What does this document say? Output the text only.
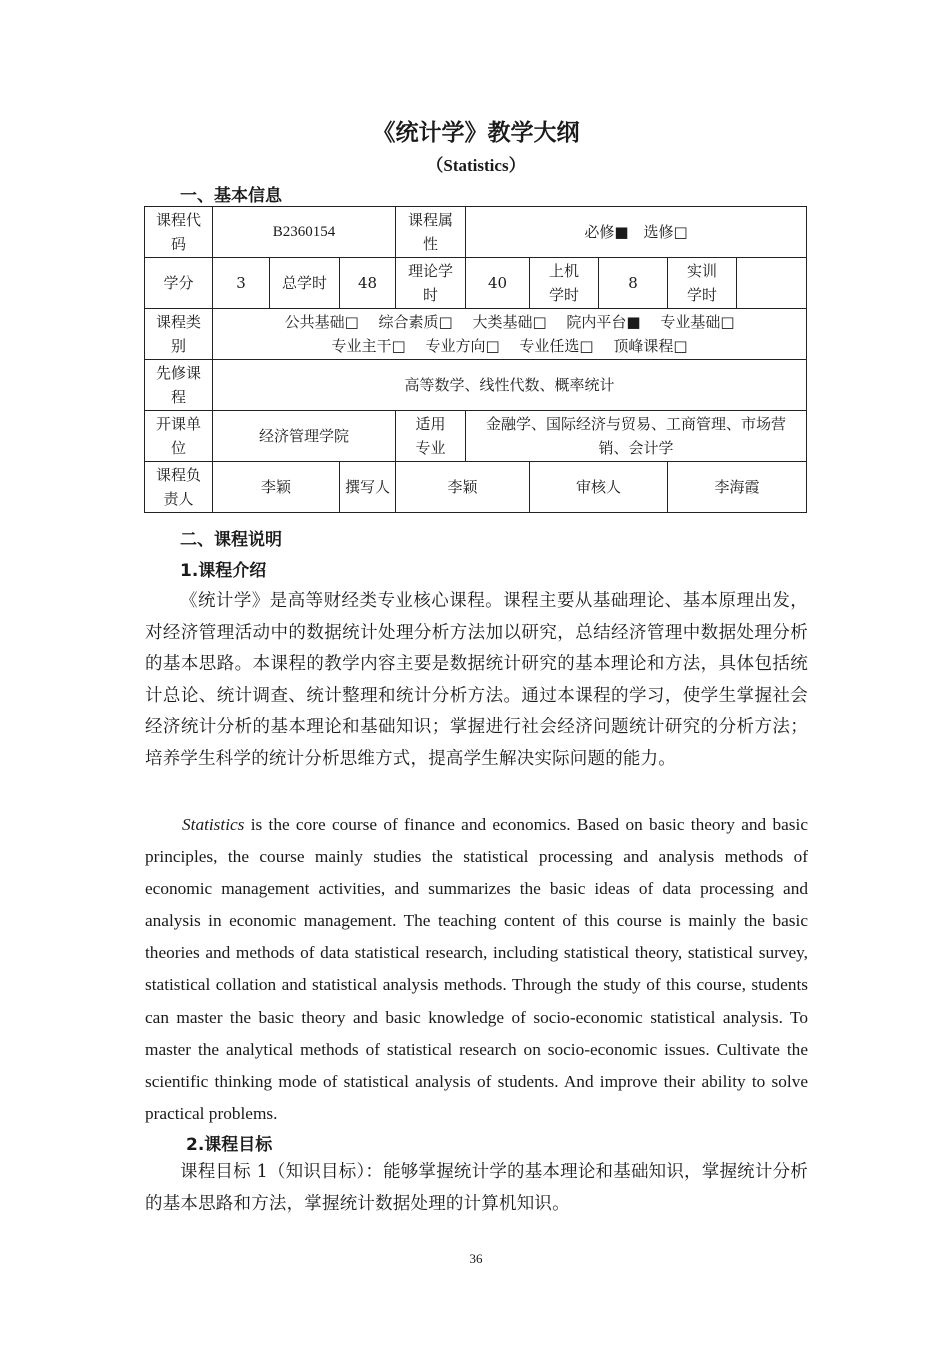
《统计学》教学大纲
（Statistics）
一、基本信息
课程代码	B2360154			课程属性	必修■　选修□				
学分	3	总学时	48	理论学时	40	上机学时	8	实训学时	
课程类别	公共基础□　 综合素质□　 大类基础□　 院内平台■　 专业基础□
专业主干□　 专业方向□　 专业任选□　 顶峰课程□								

先修课程	高等数学、线性代数、概率统计								
开课单位	经济管理学院			适用专业	金融学、国际经济与贸易、工商管理、市场营销、会计学				
课程负责人	李颖		撰写人	李颖		审核人		李海霞	
二、课程说明
1.课程介绍

《统计学》是高等财经类专业核心课程。课程主要从基础理论、基本原理出发，对经济管理活动中的数据统计处理分析方法加以研究，总结经济管理中数据处理分析的基本思路。本课程的教学内容主要是数据统计研究的基本理论和方法，具体包括统计总论、统计调查、统计整理和统计分析方法。通过本课程的学习，使学生掌握社会经济统计分析的基本理论和基础知识；掌握进行社会经济问题统计研究的分析方法；培养学生科学的统计分析思维方式，提高学生解决实际问题的能力。

Statistics is the core course of finance and economics. Based on basic theory and basic principles, the course mainly studies the statistical processing and analysis methods of economic management activities, and summarizes the basic ideas of data processing and analysis in economic management. The teaching content of this course is mainly the basic theories and methods of data statistical research, including statistical theory, statistical survey, statistical collation and statistical analysis methods. Through the study of this course, students can master the basic theory and basic knowledge of socio-economic statistical analysis. To master the analytical methods of statistical research on socio-economic issues. Cultivate the scientific thinking mode of statistical analysis of students. And improve their ability to solve practical problems.

2.课程目标

课程目标 1（知识目标）：能够掌握统计学的基本理论和基础知识，掌握统计分析的基本思路和方法，掌握统计数据处理的计算机知识。

36
